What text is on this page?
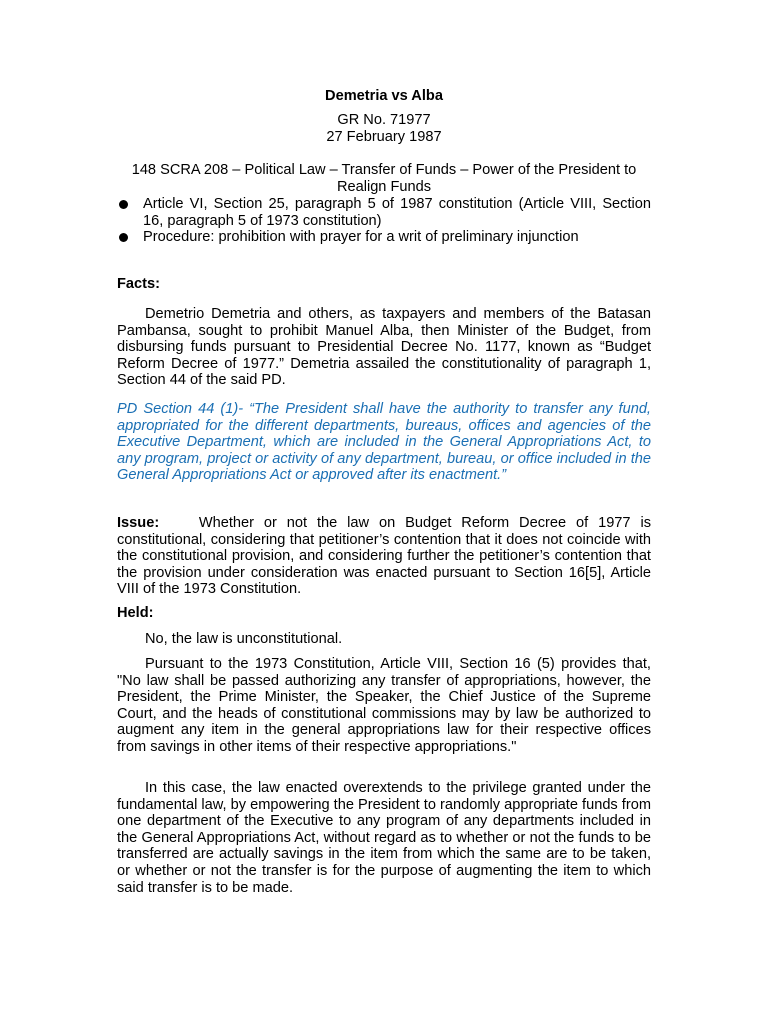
Demetria vs Alba
GR No. 71977
27 February 1987
148 SCRA 208 – Political Law – Transfer of Funds – Power of the President to Realign Funds
Article VI, Section 25, paragraph 5 of 1987 constitution (Article VIII, Section 16, paragraph 5 of 1973 constitution)
Procedure: prohibition with prayer for a writ of preliminary injunction
Facts:
Demetrio Demetria and others, as taxpayers and members of the Batasan Pambansa, sought to prohibit Manuel Alba, then Minister of the Budget, from disbursing funds pursuant to Presidential Decree No. 1177, known as “Budget Reform Decree of 1977.” Demetria assailed the constitutionality of paragraph 1, Section 44 of the said PD.
PD Section 44 (1)- “The President shall have the authority to transfer any fund, appropriated for the different departments, bureaus, offices and agencies of the Executive Department, which are included in the General Appropriations Act, to any program, project or activity of any department, bureau, or office included in the General Appropriations Act or approved after its enactment.”
Issue:	Whether or not the law on Budget Reform Decree of 1977 is constitutional, considering that petitioner’s contention that it does not coincide with the constitutional provision, and considering further the petitioner’s contention that the provision under consideration was enacted pursuant to Section 16[5], Article VIII of the 1973 Constitution.
Held:
No, the law is unconstitutional.
Pursuant to the 1973 Constitution, Article VIII, Section 16 (5) provides that, "No law shall be passed authorizing any transfer of appropriations, however, the President, the Prime Minister, the Speaker, the Chief Justice of the Supreme Court, and the heads of constitutional commissions may by law be authorized to augment any item in the general appropriations law for their respective offices from savings in other items of their respective appropriations."
In this case, the law enacted overextends to the privilege granted under the fundamental law, by empowering the President to randomly appropriate funds from one department of the Executive to any program of any departments included in the General Appropriations Act, without regard as to whether or not the funds to be transferred are actually savings in the item from which the same are to be taken, or whether or not the transfer is for the purpose of augmenting the item to which said transfer is to be made.
